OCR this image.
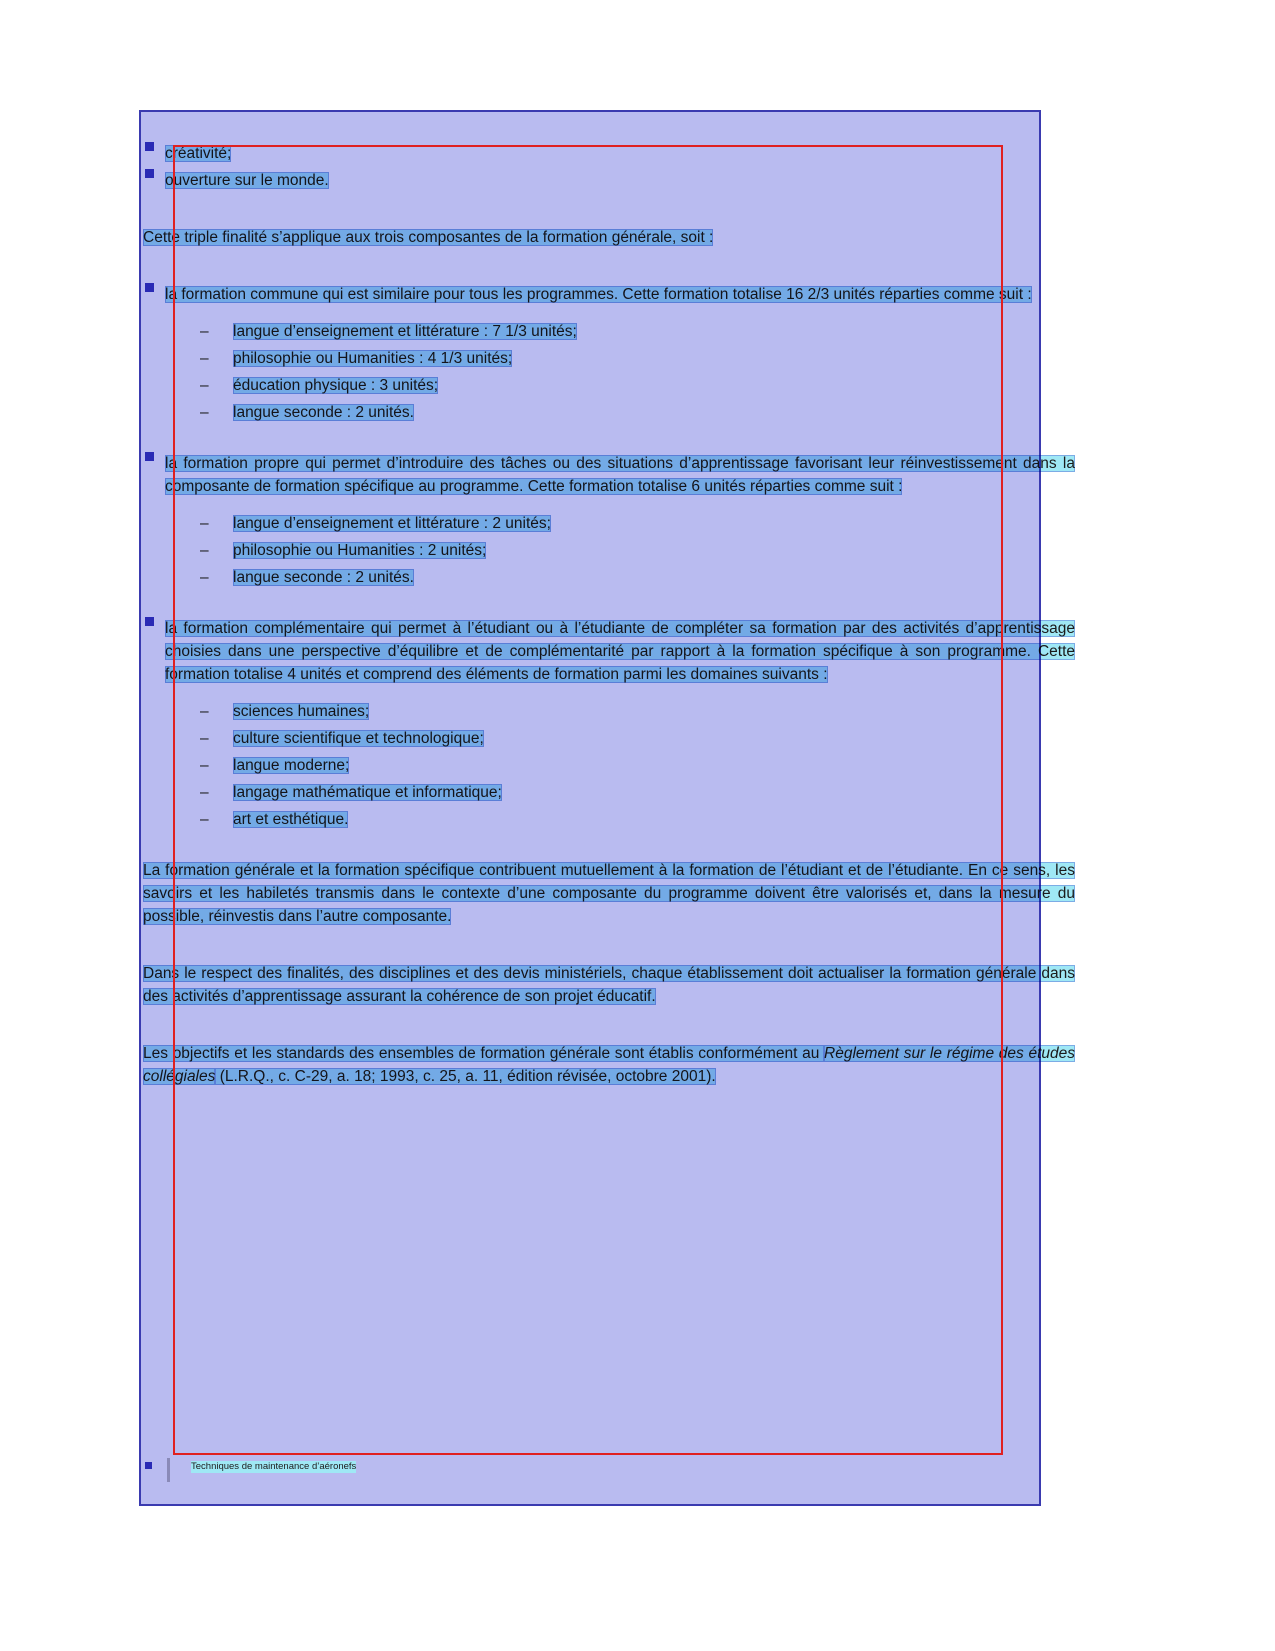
créativité;
ouverture sur le monde.

Cette triple finalité s’applique aux trois composantes de la formation générale, soit :

la formation commune qui est similaire pour tous les programmes. Cette formation totalise 16 2/3 unités réparties comme suit :
– langue d’enseignement et littérature : 7 1/3 unités;
– philosophie ou Humanities : 4 1/3 unités;
– éducation physique : 3 unités;
– langue seconde : 2 unités.
la formation propre qui permet d’introduire des tâches ou des situations d’apprentissage favorisant leur réinvestissement dans la composante de formation spécifique au programme. Cette formation totalise 6 unités réparties comme suit :
– langue d’enseignement et littérature : 2 unités;
– philosophie ou Humanities : 2 unités;
– langue seconde : 2 unités.
la formation complémentaire qui permet à l’étudiant ou à l’étudiante de compléter sa formation par des activités d’apprentissage choisies dans une perspective d’équilibre et de complémentarité par rapport à la formation spécifique à son programme. Cette formation totalise 4 unités et comprend des éléments de formation parmi les domaines suivants :
– sciences humaines;
– culture scientifique et technologique;
– langue moderne;
– langage mathématique et informatique;
– art et esthétique.

La formation générale et la formation spécifique contribuent mutuellement à la formation de l’étudiant et de l’étudiante. En ce sens, les savoirs et les habiletés transmis dans le contexte d’une composante du programme doivent être valorisés et, dans la mesure du possible, réinvestis dans l’autre composante.

Dans le respect des finalités, des disciplines et des devis ministériels, chaque établissement doit actualiser la formation générale dans des activités d’apprentissage assurant la cohérence de son projet éducatif.

Les objectifs et les standards des ensembles de formation générale sont établis conformément au Règlement sur le régime des études collégiales (L.R.Q., c. C-29, a. 18; 1993, c. 25, a. 11, édition révisée, octobre 2001).

Techniques de maintenance d’aéronefs
